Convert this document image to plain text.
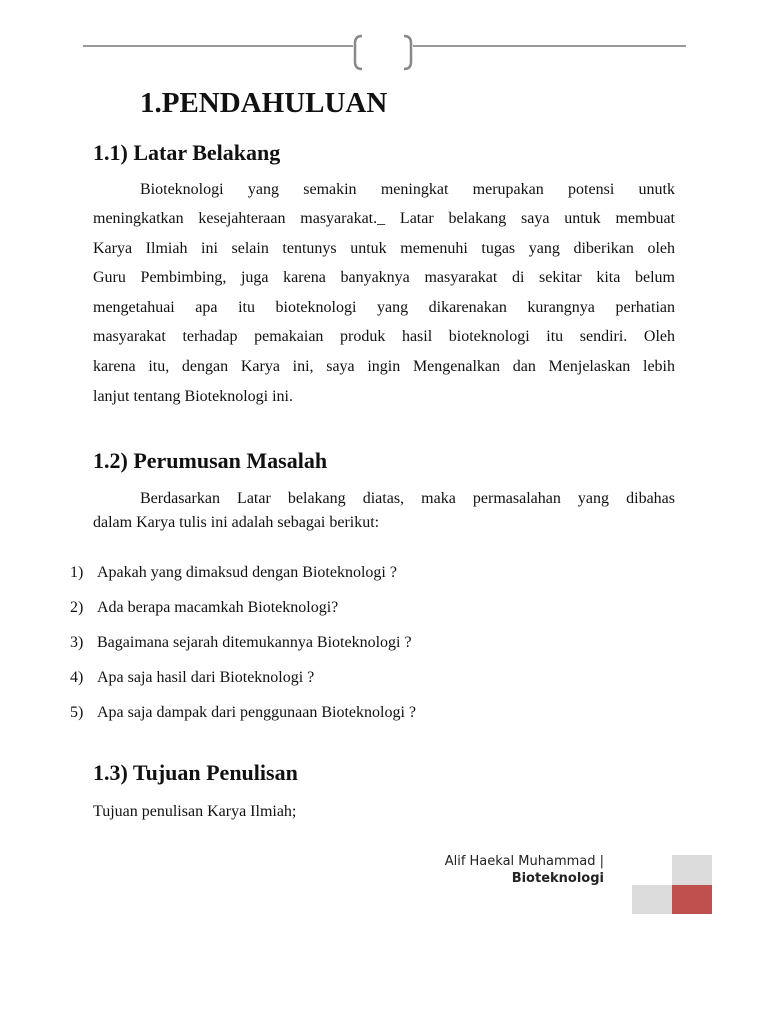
1.PENDAHULUAN
1.1) Latar Belakang
Bioteknologi yang semakin meningkat merupakan potensi unutk
meningkatkan kesejahteraan masyarakat._ Latar belakang saya untuk membuat
Karya Ilmiah ini selain tentunys untuk memenuhi tugas yang diberikan oleh
Guru Pembimbing, juga karena banyaknya masyarakat di sekitar kita belum
mengetahuai apa itu bioteknologi yang dikarenakan kurangnya perhatian
masyarakat terhadap pemakaian produk hasil bioteknologi itu sendiri. Oleh
karena itu, dengan Karya ini, saya ingin Mengenalkan dan Menjelaskan lebih
lanjut tentang Bioteknologi ini.
1.2) Perumusan Masalah
Berdasarkan Latar belakang diatas, maka permasalahan yang dibahas
dalam Karya tulis ini adalah sebagai berikut:
1) Apakah yang dimaksud dengan Bioteknologi ?
2) Ada berapa macamkah Bioteknologi?
3) Bagaimana sejarah ditemukannya Bioteknologi ?
4) Apa saja hasil dari Bioteknologi ?
5) Apa saja dampak dari penggunaan Bioteknologi ?
1.3) Tujuan Penulisan
Tujuan penulisan Karya Ilmiah;
Alif Haekal Muhammad |
Bioteknologi
